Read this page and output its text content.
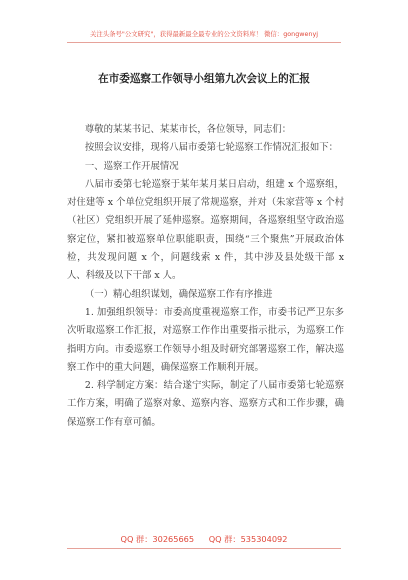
关注头条号"公文研究"，获得最新最全最专业的公文资料库！ 微信：gongwenyj
在市委巡察工作领导小组第九次会议上的汇报

尊敬的某某书记、某某市长，各位领导，同志们：

按照会议安排，现将八届市委第七轮巡察工作情况汇报如下：

一、巡察工作开展情况

八届市委第七轮巡察于某年某月某日启动，组建 x 个巡察组，对住建等 x 个单位党组织开展了常规巡察，并对（朱家营等 x 个村（社区）党组织开展了延伸巡察。巡察期间，各巡察组坚守政治巡察定位，紧扣被巡察单位职能职责，围绕“三个聚焦”开展政治体检，共发现问题 x 个，问题线索 x 件，其中涉及县处级干部 x 人、科级及以下干部 x 人。

（一）精心组织谋划，确保巡察工作有序推进

1. 加强组织领导：市委高度重视巡察工作，市委书记严卫东多次听取巡察工作汇报，对巡察工作作出重要指示批示，为巡察工作指明方向。市委巡察工作领导小组及时研究部署巡察工作，解决巡察工作中的重大问题，确保巡察工作顺利开展。

2. 科学制定方案：结合遂宁实际，制定了八届市委第七轮巡察工作方案，明确了巡察对象、巡察内容、巡察方式和工作步骤，确保巡察工作有章可循。

QQ 群：30265665 QQ 群：535304092
